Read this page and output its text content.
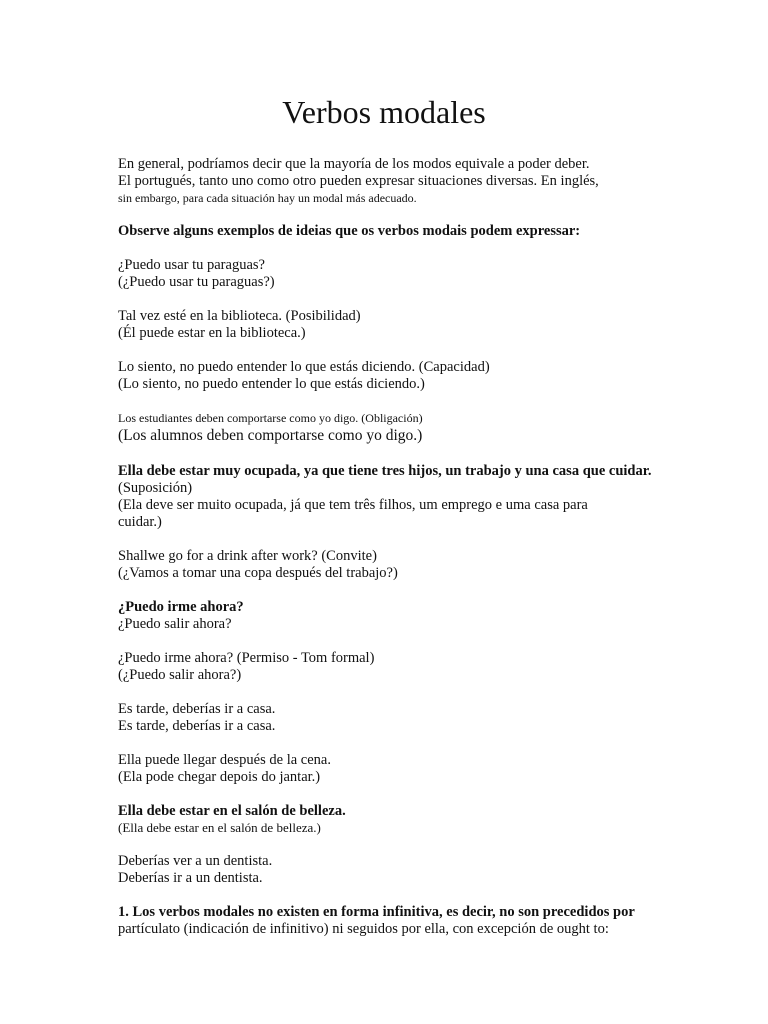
Verbos modales
En general, podríamos decir que la mayoría de los modos equivale a poder deber.
El portugués, tanto uno como otro pueden expresar situaciones diversas. En inglés,
sin embargo, para cada situación hay un modal más adecuado.
Observe alguns exemplos de ideias que os verbos modais podem expressar:
¿Puedo usar tu paraguas?
(¿Puedo usar tu paraguas?)
Tal vez esté en la biblioteca. (Posibilidad)
(Él puede estar en la biblioteca.)
Lo siento, no puedo entender lo que estás diciendo. (Capacidad)
(Lo siento, no puedo entender lo que estás diciendo.)
Los estudiantes deben comportarse como yo digo. (Obligación)
(Los alumnos deben comportarse como yo digo.)
Ella debe estar muy ocupada, ya que tiene tres hijos, un trabajo y una casa que cuidar.
(Suposición)
(Ela deve ser muito ocupada, já que tem três filhos, um emprego e uma casa para
cuidar.)
Shallwe go for a drink after work? (Convite)
(¿Vamos a tomar una copa después del trabajo?)
¿Puedo irme ahora?
¿Puedo salir ahora?
¿Puedo irme ahora? (Permiso - Tom formal)
(¿Puedo salir ahora?)
Es tarde, deberías ir a casa.
Es tarde, deberías ir a casa.
Ella puede llegar después de la cena.
(Ela pode chegar depois do jantar.)
Ella debe estar en el salón de belleza.
(Ella debe estar en el salón de belleza.)
Deberías ver a un dentista.
Deberías ir a un dentista.
1. Los verbos modales no existen en forma infinitiva, es decir, no son precedidos por
partículato (indicación de infinitivo) ni seguidos por ella, con excepción de ought to:
